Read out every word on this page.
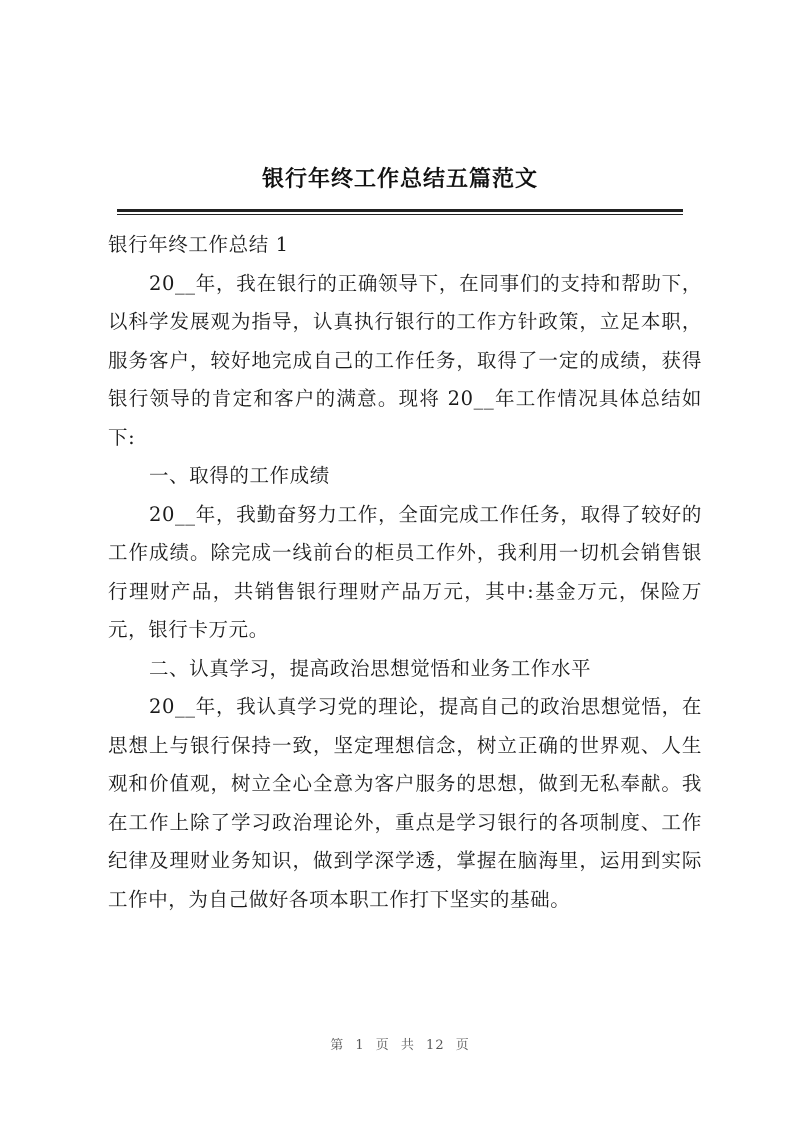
银行年终工作总结五篇范文

银行年终工作总结 1

20__年，我在银行的正确领导下，在同事们的支持和帮助下，以科学发展观为指导，认真执行银行的工作方针政策，立足本职，服务客户，较好地完成自己的工作任务，取得了一定的成绩，获得银行领导的肯定和客户的满意。现将 20__年工作情况具体总结如下:

一、取得的工作成绩

20__年，我勤奋努力工作，全面完成工作任务，取得了较好的工作成绩。除完成一线前台的柜员工作外，我利用一切机会销售银行理财产品，共销售银行理财产品万元，其中:基金万元，保险万元，银行卡万元。

二、认真学习，提高政治思想觉悟和业务工作水平

20__年，我认真学习党的理论，提高自己的政治思想觉悟，在思想上与银行保持一致，坚定理想信念，树立正确的世界观、人生观和价值观，树立全心全意为客户服务的思想，做到无私奉献。我在工作上除了学习政治理论外，重点是学习银行的各项制度、工作纪律及理财业务知识，做到学深学透，掌握在脑海里，运用到实际工作中，为自己做好各项本职工作打下坚实的基础。

第 1 页 共 12 页
